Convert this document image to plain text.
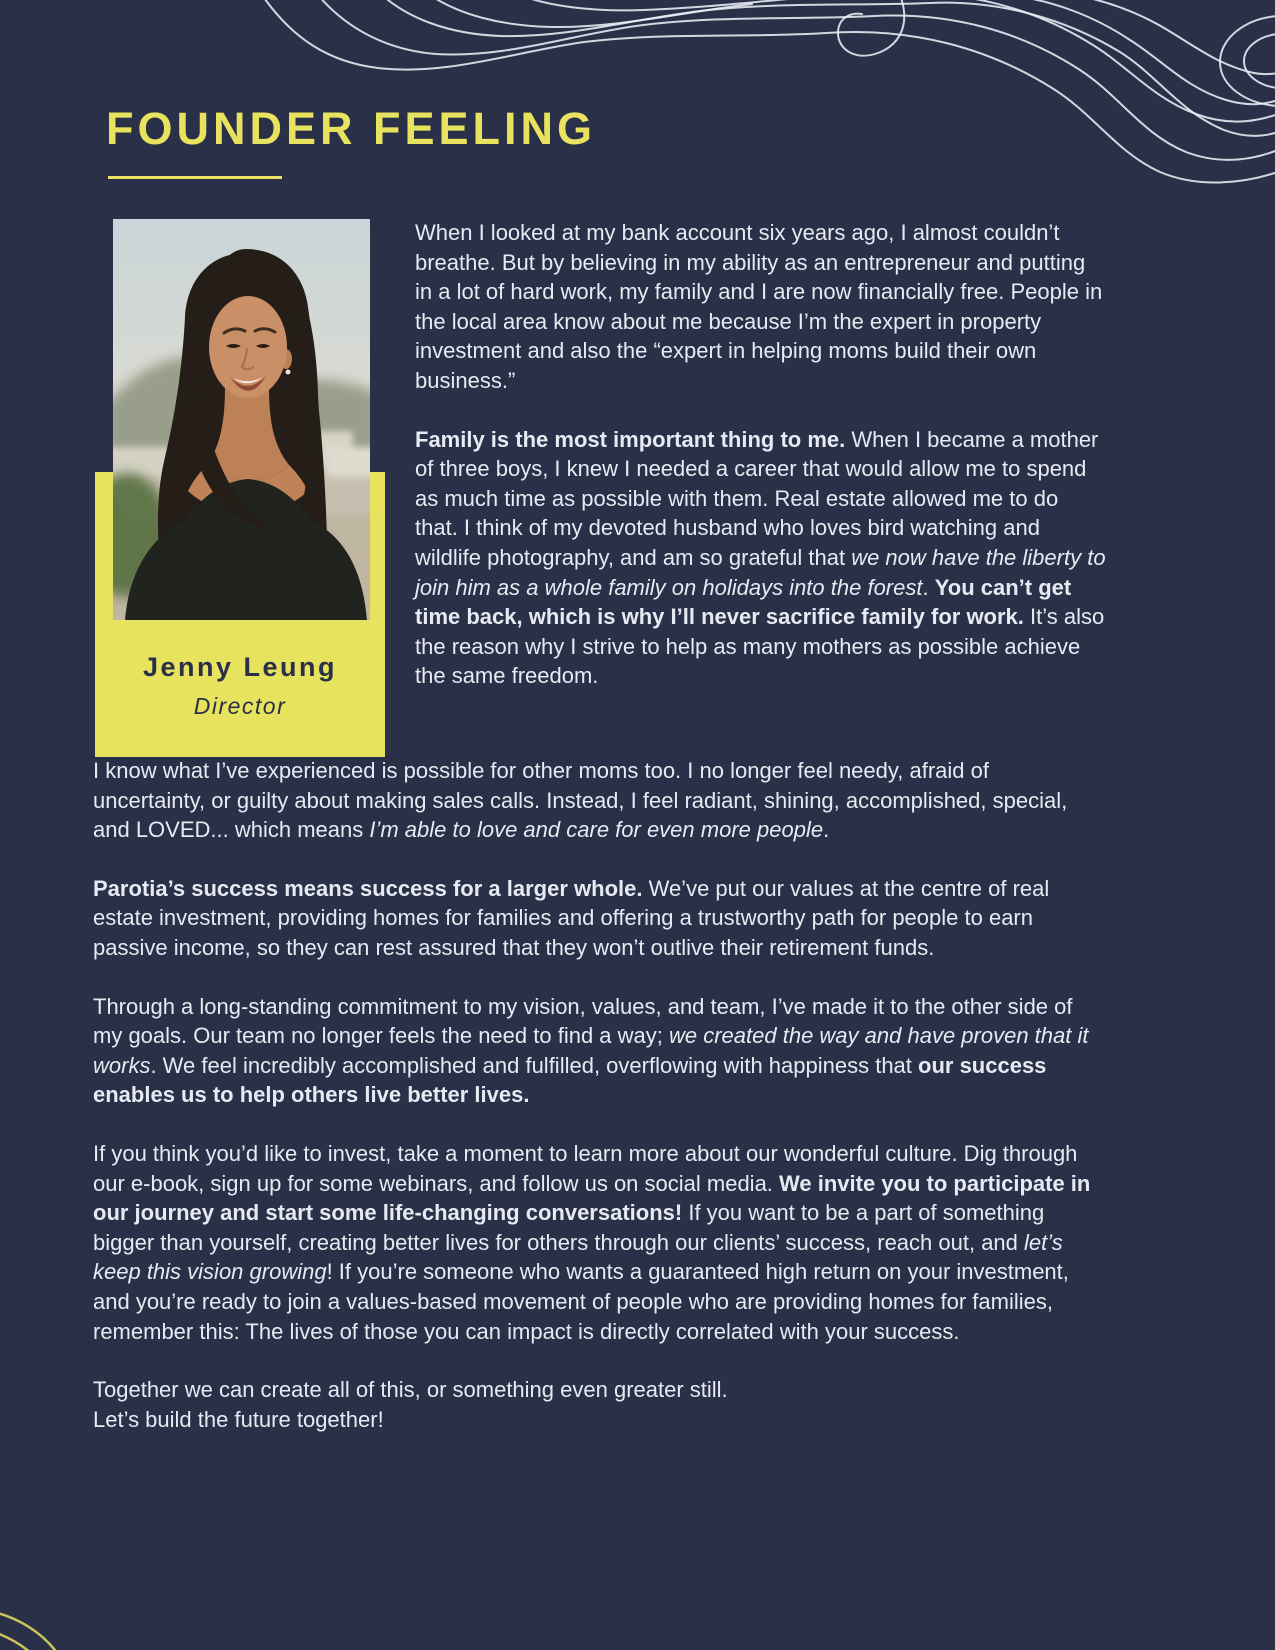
FOUNDER FEELING
Jenny Leung
Director

When I looked at my bank account six years ago, I almost couldn’t breathe. But by believing in my ability as an entrepreneur and putting in a lot of hard work, my family and I are now financially free. People in the local area know about me because I’m the expert in property investment and also the “expert in helping moms build their own business.”

Family is the most important thing to me. When I became a mother of three boys, I knew I needed a career that would allow me to spend as much time as possible with them. Real estate allowed me to do that. I think of my devoted husband who loves bird watching and wildlife photography, and am so grateful that we now have the liberty to join him as a whole family on holidays into the forest. You can’t get time back, which is why I’ll never sacrifice family for work. It’s also the reason why I strive to help as many mothers as possible achieve the same freedom.

I know what I’ve experienced is possible for other moms too. I no longer feel needy, afraid of uncertainty, or guilty about making sales calls. Instead, I feel radiant, shining, accomplished, special, and LOVED... which means I’m able to love and care for even more people.

Parotia’s success means success for a larger whole. We’ve put our values at the centre of real estate investment, providing homes for families and offering a trustworthy path for people to earn passive income, so they can rest assured that they won’t outlive their retirement funds.

Through a long-standing commitment to my vision, values, and team, I’ve made it to the other side of my goals. Our team no longer feels the need to find a way; we created the way and have proven that it works. We feel incredibly accomplished and fulfilled, overflowing with happiness that our success enables us to help others live better lives.

If you think you’d like to invest, take a moment to learn more about our wonderful culture. Dig through our e-book, sign up for some webinars, and follow us on social media. We invite you to participate in our journey and start some life-changing conversations! If you want to be a part of something bigger than yourself, creating better lives for others through our clients’ success, reach out, and let’s keep this vision growing! If you’re someone who wants a guaranteed high return on your investment, and you’re ready to join a values-based movement of people who are providing homes for families, remember this: The lives of those you can impact is directly correlated with your success.

Together we can create all of this, or something even greater still.
Let’s build the future together!
